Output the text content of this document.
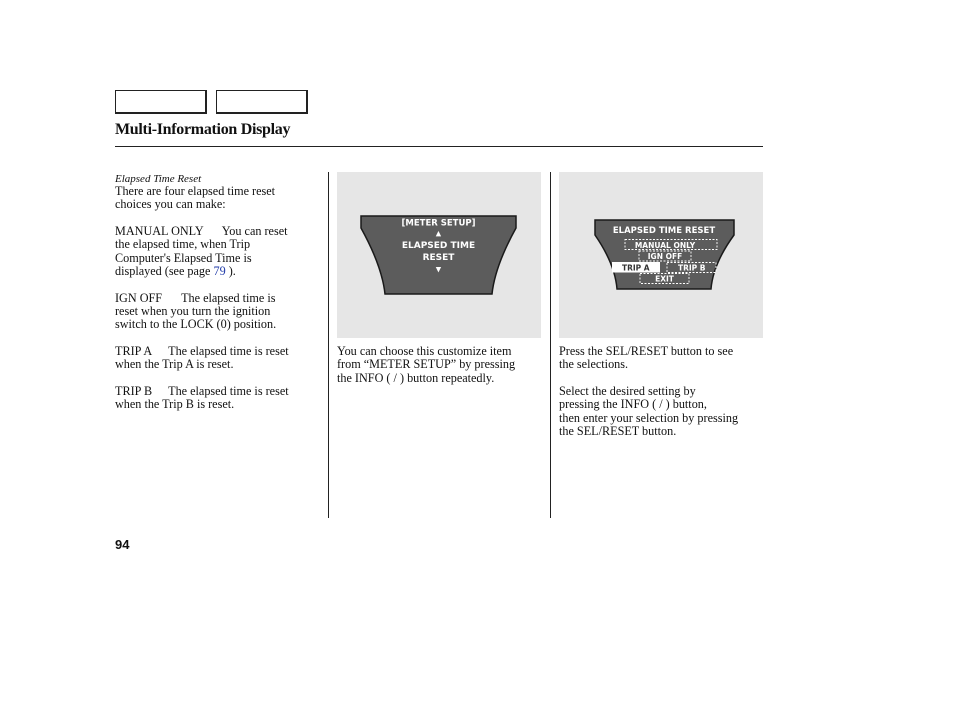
Multi-Information Display
Elapsed Time Reset
There are four elapsed time reset
choices you can make:
MANUAL ONLY You can reset
the elapsed time, when Trip
Computer's Elapsed Time is
displayed (see page 79 ).
IGN OFF The elapsed time is
reset when you turn the ignition
switch to the LOCK (0) position.
TRIP A The elapsed time is reset
when the Trip A is reset.
TRIP B The elapsed time is reset
when the Trip B is reset.
[METER SETUP]
▲
ELAPSED TIME
RESET
▼
ELAPSED TIME RESET
MANUAL ONLY
IGN OFF
TRIP A	TRIP B
EXIT
You can choose this customize item
from “METER SETUP” by pressing
the INFO ( / ) button repeatedly.
Press the SEL/RESET button to see
the selections.
Select the desired setting by
pressing the INFO ( / ) button,
then enter your selection by pressing
the SEL/RESET button.
94
